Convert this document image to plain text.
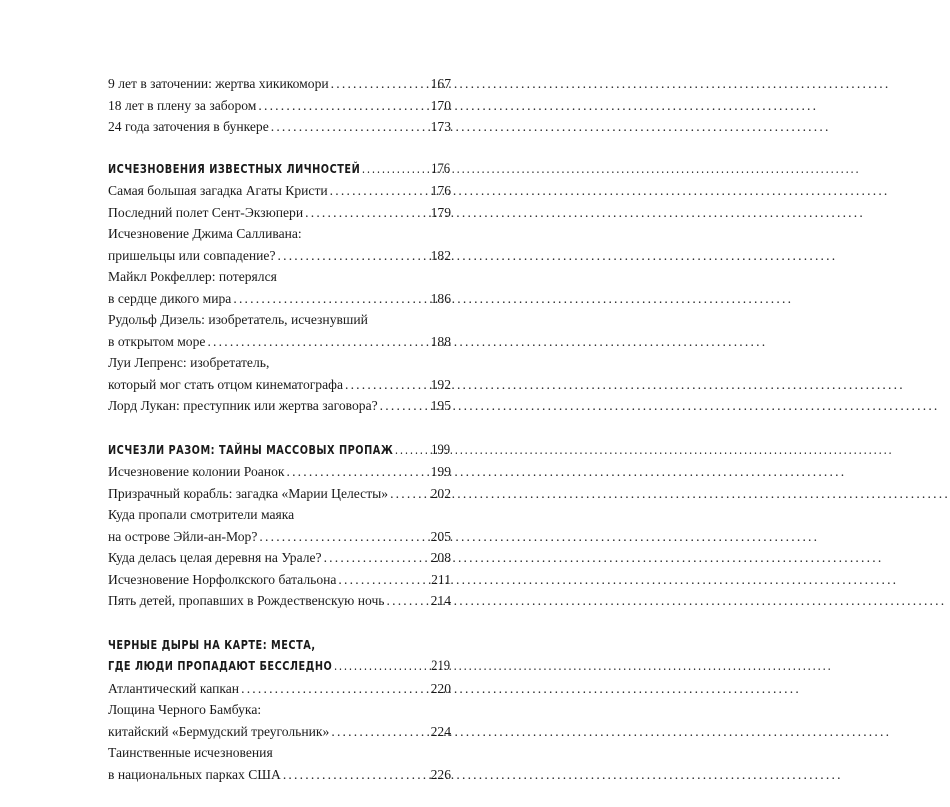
9 лет в заточении: жертва хикикомори .....	167
18 лет в плену за забором .....	170
24 года заточения в бункере .....	173
ИСЧЕЗНОВЕНИЯ ИЗВЕСТНЫХ ЛИЧНОСТЕЙ .....	176
Самая большая загадка Агаты Кристи .....	176
Последний полет Сент-Экзюпери .....	179
Исчезновение Джима Салливана:
пришельцы или совпадение? .....	182
Майкл Рокфеллер: потерялся
в сердце дикого мира .....	186
Рудольф Дизель: изобретатель, исчезнувший
в открытом море .....	188
Луи Лепренс: изобретатель,
который мог стать отцом кинематографа .....	192
Лорд Лукан: преступник или жертва заговора? .....	195
ИСЧЕЗЛИ РАЗОМ: ТАЙНЫ МАССОВЫХ ПРОПАЖ .....	199
Исчезновение колонии Роанок .....	199
Призрачный корабль: загадка «Марии Целесты» .....	202
Куда пропали смотрители маяка
на острове Эйли-ан-Мор? .....	205
Куда делась целая деревня на Урале? .....	208
Исчезновение Норфолкского батальона .....	211
Пять детей, пропавших в Рождественскую ночь .....	214
ЧЕРНЫЕ ДЫРЫ НА КАРТЕ: МЕСТА,
ГДЕ ЛЮДИ ПРОПАДАЮТ БЕССЛЕДНО .....	219
Атлантический капкан .....	220
Лощина Черного Бамбука:
китайский «Бермудский треугольник» .....	224
Таинственные исчезновения
в национальных парках США .....	226
